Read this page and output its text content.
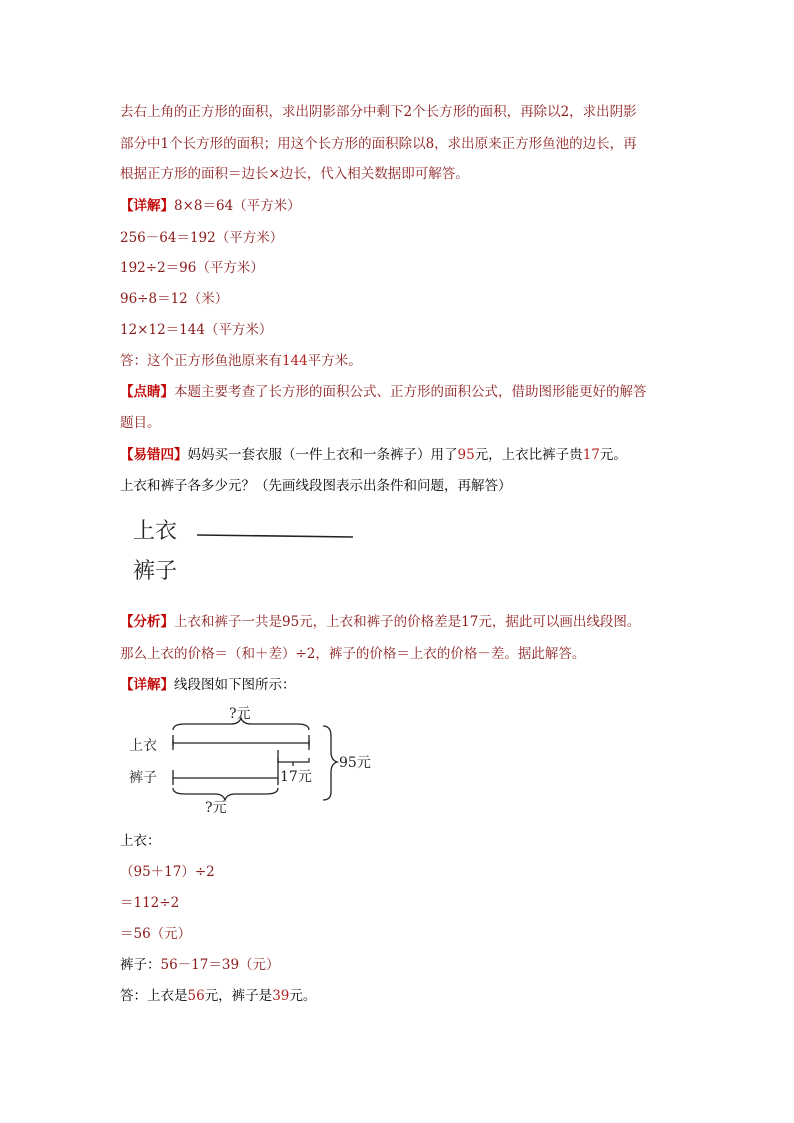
去右上角的正方形的面积，求出阴影部分中剩下2个长方形的面积，再除以2，求出阴影
部分中1个长方形的面积；用这个长方形的面积除以8，求出原来正方形鱼池的边长，再
根据正方形的面积＝边长×边长，代入相关数据即可解答。
【详解】8×8＝64（平方米）
256－64＝192（平方米）
192÷2＝96（平方米）
96÷8＝12（米）
12×12＝144（平方米）
答：这个正方形鱼池原来有144平方米。
【点睛】本题主要考查了长方形的面积公式、正方形的面积公式，借助图形能更好的解答
题目。
【易错四】妈妈买一套衣服（一件上衣和一条裤子）用了95元，上衣比裤子贵17元。
上衣和裤子各多少元？（先画线段图表示出条件和问题，再解答）
上衣
裤子
【分析】上衣和裤子一共是95元，上衣和裤子的价格差是17元，据此可以画出线段图。
那么上衣的价格＝（和＋差）÷2，裤子的价格＝上衣的价格－差。据此解答。
【详解】线段图如下图所示：
?元
上衣
裤子	17元
95元
?元
上衣：
（95＋17）÷2
＝112÷2
＝56（元）
裤子：56－17＝39（元）
答：上衣是56元，裤子是39元。
